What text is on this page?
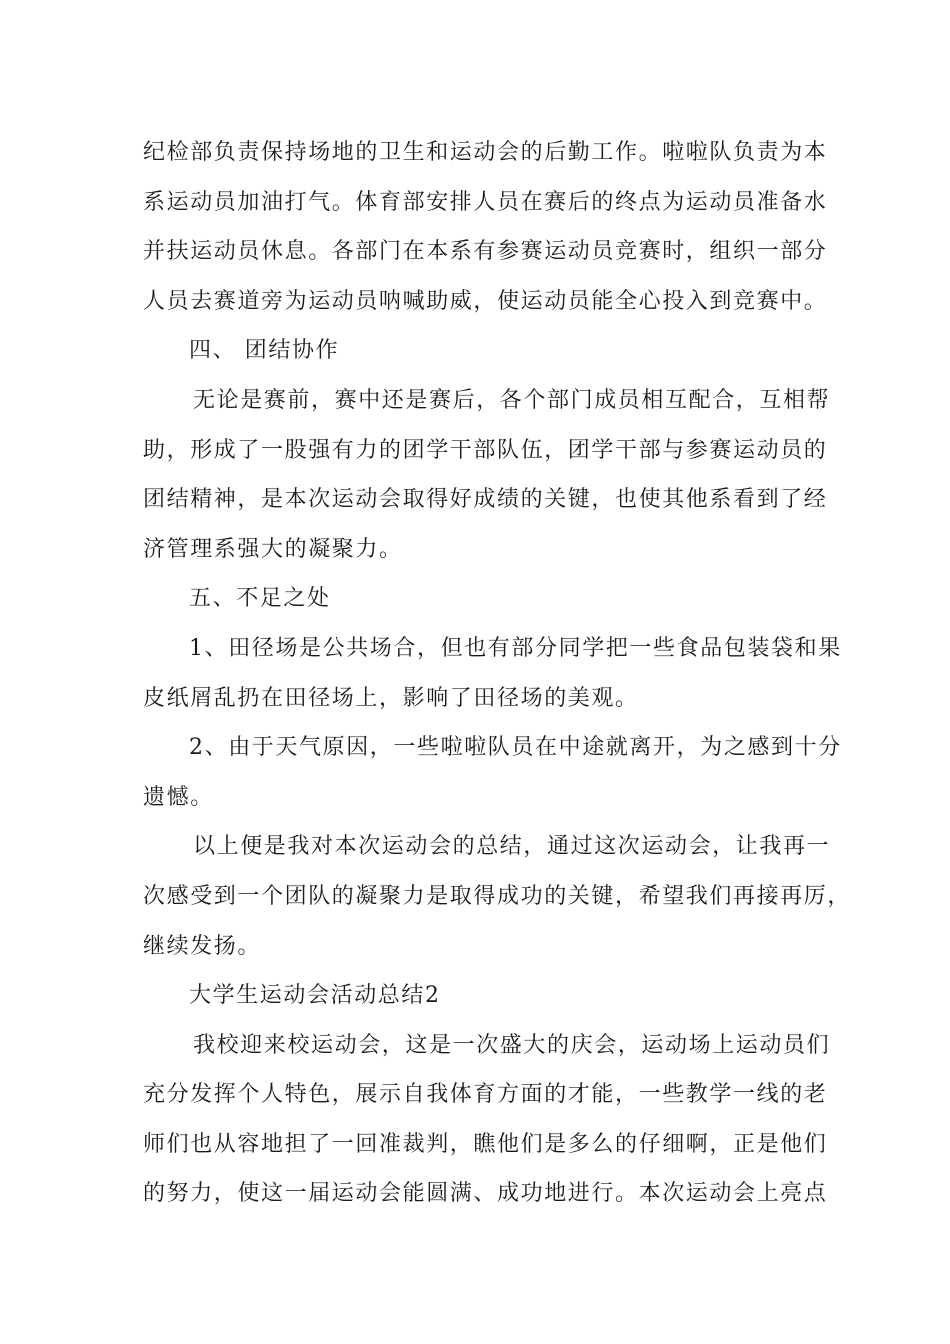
纪检部负责保持场地的卫生和运动会的后勤工作。啦啦队负责为本
系运动员加油打气。体育部安排人员在赛后的终点为运动员准备水
并扶运动员休息。各部门在本系有参赛运动员竞赛时，组织一部分
人员去赛道旁为运动员呐喊助威，使运动员能全心投入到竞赛中。
四、 团结协作
无论是赛前，赛中还是赛后，各个部门成员相互配合，互相帮
助，形成了一股强有力的团学干部队伍，团学干部与参赛运动员的
团结精神，是本次运动会取得好成绩的关键，也使其他系看到了经
济管理系强大的凝聚力。
五、不足之处
1、田径场是公共场合，但也有部分同学把一些食品包装袋和果
皮纸屑乱扔在田径场上，影响了田径场的美观。
2、由于天气原因，一些啦啦队员在中途就离开，为之感到十分
遗憾。
以上便是我对本次运动会的总结，通过这次运动会，让我再一
次感受到一个团队的凝聚力是取得成功的关键，希望我们再接再厉，
继续发扬。
大学生运动会活动总结2
我校迎来校运动会，这是一次盛大的庆会，运动场上运动员们
充分发挥个人特色，展示自我体育方面的才能，一些教学一线的老
师们也从容地担了一回准裁判，瞧他们是多么的仔细啊，正是他们
的努力，使这一届运动会能圆满、成功地进行。本次运动会上亮点
